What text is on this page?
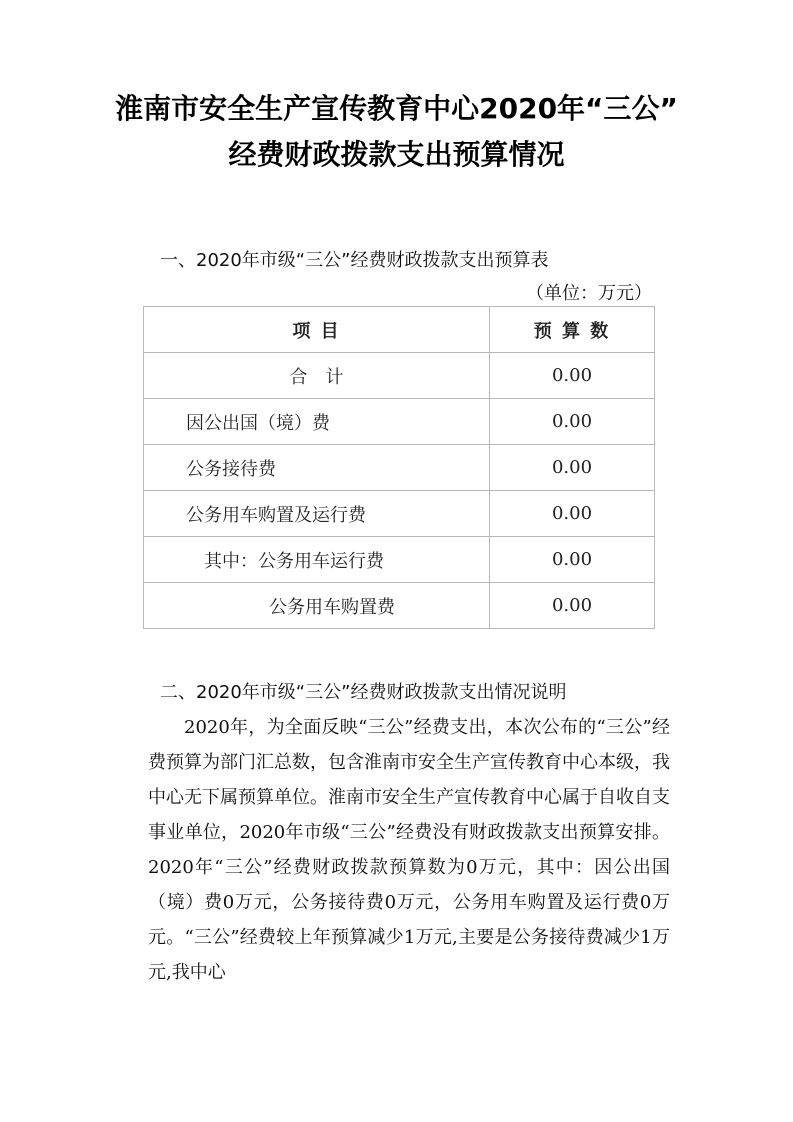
淮南市安全生产宣传教育中心2020年“三公”
经费财政拨款支出预算情况
一、2020年市级“三公”经费财政拨款支出预算表
（单位：万元）
项 目	预 算 数
合　计	0.00
因公出国（境）费	0.00
公务接待费	0.00
公务用车购置及运行费	0.00
其中：公务用车运行费	0.00
公务用车购置费	0.00
二、2020年市级“三公”经费财政拨款支出情况说明
2020年，为全面反映“三公”经费支出，本次公布的“三公”经费预算为部门汇总数，包含淮南市安全生产宣传教育中心本级，我中心无下属预算单位。淮南市安全生产宣传教育中心属于自收自支事业单位，2020年市级“三公”经费没有财政拨款支出预算安排。2020年“三公”经费财政拨款预算数为0万元，其中：因公出国（境）费0万元，公务接待费0万元，公务用车购置及运行费0万元。“三公”经费较上年预算减少1万元,主要是公务接待费减少1万元,我中心
